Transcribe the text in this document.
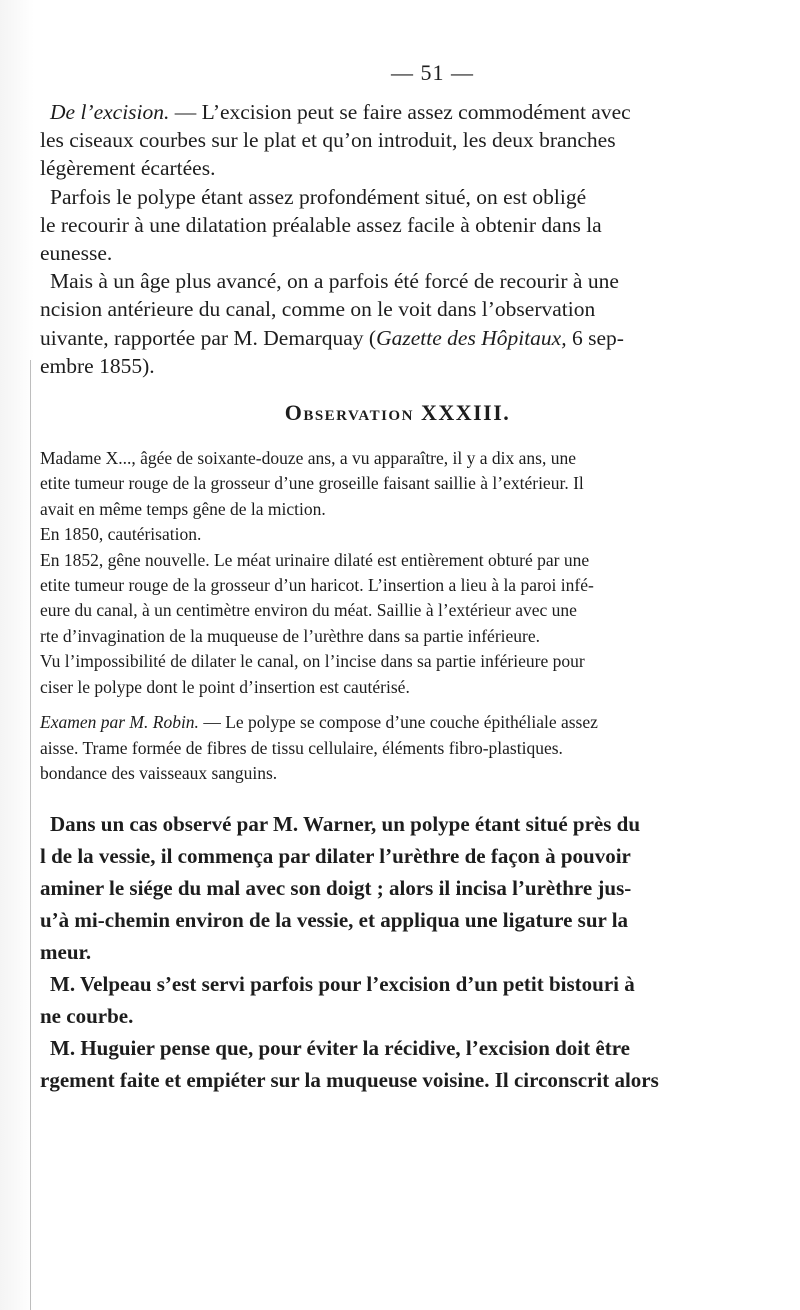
— 51 —
De l’excision. — L’excision peut se faire assez commodément avec
les ciseaux courbes sur le plat et qu’on introduit, les deux branches
légèrement écartées.
Parfois le polype étant assez profondément situé, on est obligé
le recourir à une dilatation préalable assez facile à obtenir dans la
eunesse.
Mais à un âge plus avancé, on a parfois été forcé de recourir à une
ncision antérieure du canal, comme on le voit dans l’observation
uivante, rapportée par M. Demarquay (Gazette des Hôpitaux, 6 sep-
embre 1855).
Observation XXXIII.
Madame X..., âgée de soixante-douze ans, a vu apparaître, il y a dix ans, une
etite tumeur rouge de la grosseur d’une groseille faisant saillie à l’extérieur. Il
avait en même temps gêne de la miction.
En 1850, cautérisation.
En 1852, gêne nouvelle. Le méat urinaire dilaté est entièrement obturé par une
etite tumeur rouge de la grosseur d’un haricot. L’insertion a lieu à la paroi infé-
eure du canal, à un centimètre environ du méat. Saillie à l’extérieur avec une
rte d’invagination de la muqueuse de l’urèthre dans sa partie inférieure.
Vu l’impossibilité de dilater le canal, on l’incise dans sa partie inférieure pour
ciser le polype dont le point d’insertion est cautérisé.
Examen par M. Robin. — Le polype se compose d’une couche épithéliale assez
aisse. Trame formée de fibres de tissu cellulaire, éléments fibro-plastiques.
bondance des vaisseaux sanguins.
Dans un cas observé par M. Warner, un polype étant situé près du
l de la vessie, il commença par dilater l’urèthre de façon à pouvoir
aminer le siége du mal avec son doigt ; alors il incisa l’urèthre jus-
u’à mi-chemin environ de la vessie, et appliqua une ligature sur la
meur.
M. Velpeau s’est servi parfois pour l’excision d’un petit bistouri à
ne courbe.
M. Huguier pense que, pour éviter la récidive, l’excision doit être
rgement faite et empiéter sur la muqueuse voisine. Il circonscrit alors
